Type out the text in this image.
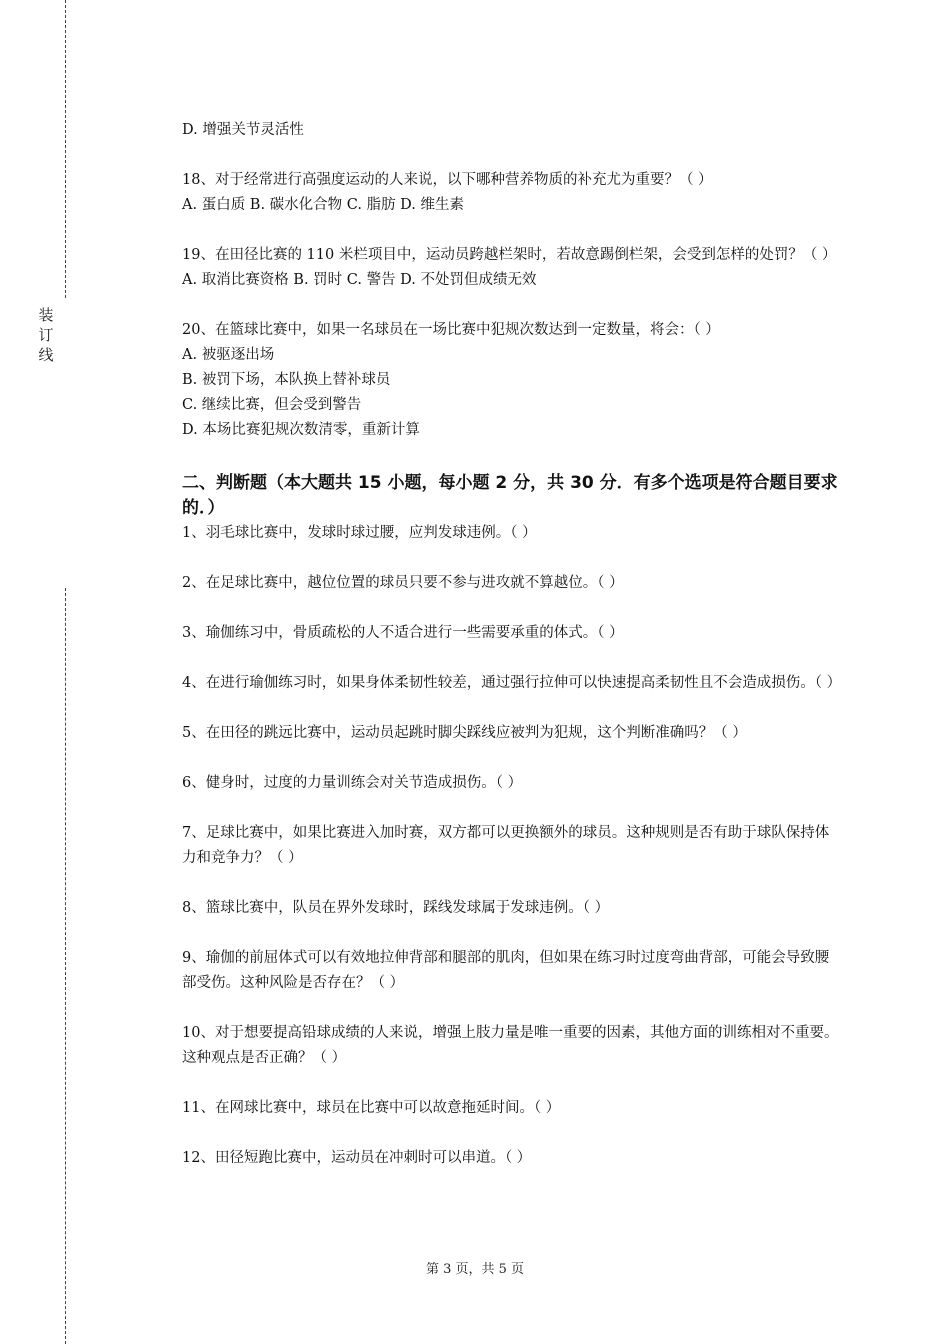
装
订
线

D. 增强关节灵活性

18、对于经常进行高强度运动的人来说，以下哪种营养物质的补充尤为重要？（ ）

A. 蛋白质 B. 碳水化合物 C. 脂肪 D. 维生素

19、在田径比赛的 110 米栏项目中，运动员跨越栏架时，若故意踢倒栏架，会受到怎样的处罚？（ ）

A. 取消比赛资格 B. 罚时 C. 警告 D. 不处罚但成绩无效

20、在篮球比赛中，如果一名球员在一场比赛中犯规次数达到一定数量，将会：（ ）

A. 被驱逐出场

B. 被罚下场，本队换上替补球员

C. 继续比赛，但会受到警告

D. 本场比赛犯规次数清零，重新计算

二、判断题（本大题共 15 小题，每小题 2 分，共 30 分．有多个选项是符合题目要求的．）

1、羽毛球比赛中，发球时球过腰，应判发球违例。（ ）

2、在足球比赛中，越位位置的球员只要不参与进攻就不算越位。（ ）

3、瑜伽练习中，骨质疏松的人不适合进行一些需要承重的体式。（ ）

4、在进行瑜伽练习时，如果身体柔韧性较差，通过强行拉伸可以快速提高柔韧性且不会造成损伤。（ ）

5、在田径的跳远比赛中，运动员起跳时脚尖踩线应被判为犯规，这个判断准确吗？（ ）

6、健身时，过度的力量训练会对关节造成损伤。（ ）

7、足球比赛中，如果比赛进入加时赛，双方都可以更换额外的球员。这种规则是否有助于球队保持体力和竞争力？（ ）

8、篮球比赛中，队员在界外发球时，踩线发球属于发球违例。（ ）

9、瑜伽的前屈体式可以有效地拉伸背部和腿部的肌肉，但如果在练习时过度弯曲背部，可能会导致腰部受伤。这种风险是否存在？（ ）

10、对于想要提高铅球成绩的人来说，增强上肢力量是唯一重要的因素，其他方面的训练相对不重要。这种观点是否正确？（ ）

11、在网球比赛中，球员在比赛中可以故意拖延时间。（ ）

12、田径短跑比赛中，运动员在冲刺时可以串道。（ ）

第 3 页，共 5 页
